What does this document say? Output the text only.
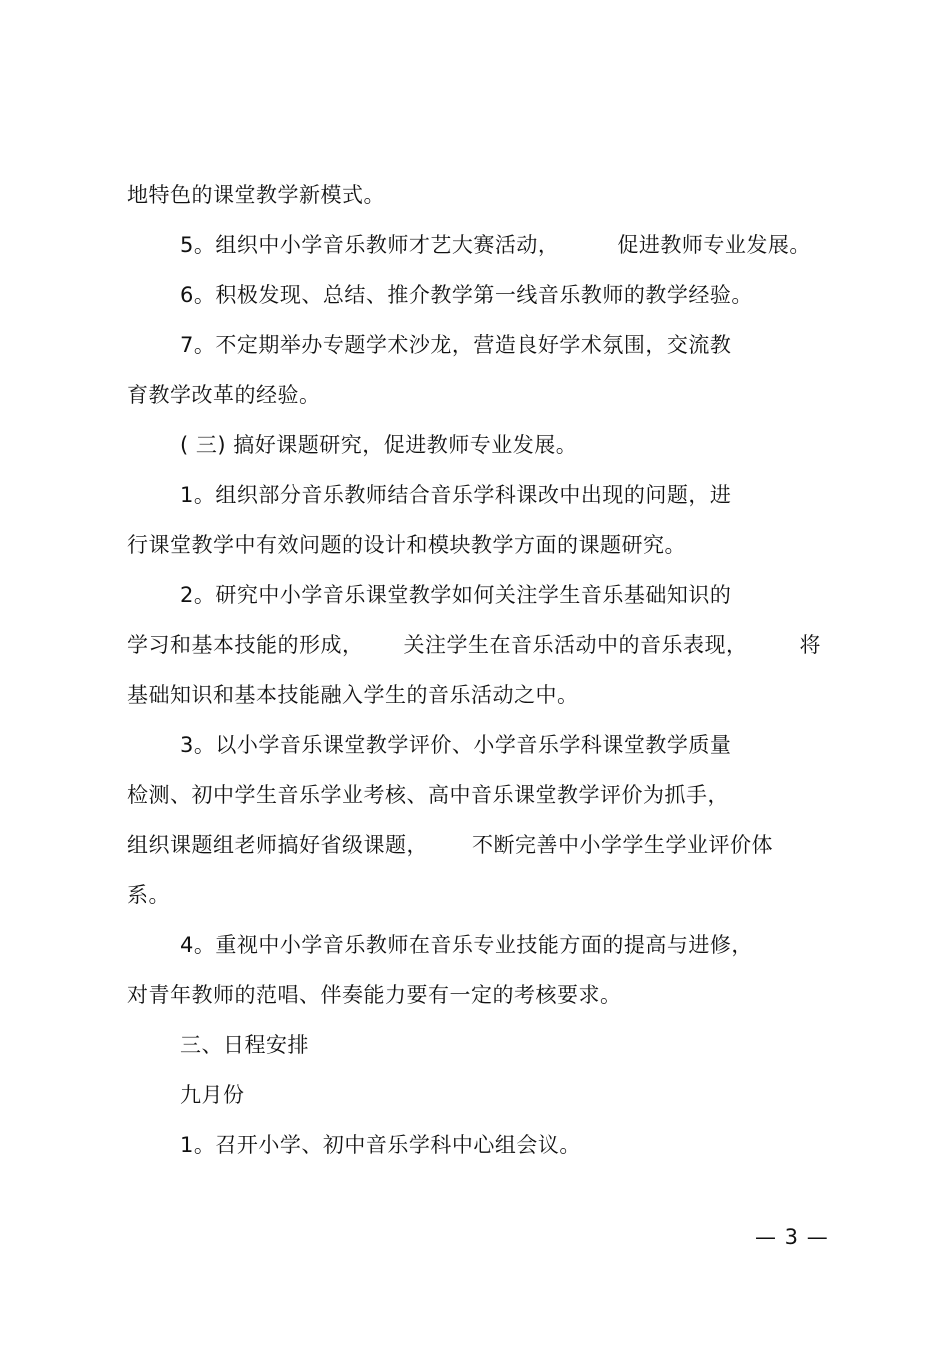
地特色的课堂教学新模式。
5。组织中小学音乐教师才艺大赛活动，	促进教师专业发展。
6。积极发现、总结、推介教学第一线音乐教师的教学经验。
7。不定期举办专题学术沙龙，营造良好学术氛围，交流教
育教学改革的经验。
( 三) 搞好课题研究，促进教师专业发展。
1。组织部分音乐教师结合音乐学科课改中出现的问题，进
行课堂教学中有效问题的设计和模块教学方面的课题研究。
2。研究中小学音乐课堂教学如何关注学生音乐基础知识的
学习和基本技能的形成， 关注学生在音乐活动中的音乐表现， 将
基础知识和基本技能融入学生的音乐活动之中。
3。以小学音乐课堂教学评价、小学音乐学科课堂教学质量
检测、初中学生音乐学业考核、高中音乐课堂教学评价为抓手，
组织课题组老师搞好省级课题， 不断完善中小学学生学业评价体
系。
4。重视中小学音乐教师在音乐专业技能方面的提高与进修，
对青年教师的范唱、伴奏能力要有一定的考核要求。
三、日程安排
九月份
1。召开小学、初中音乐学科中心组会议。
— 3 —
